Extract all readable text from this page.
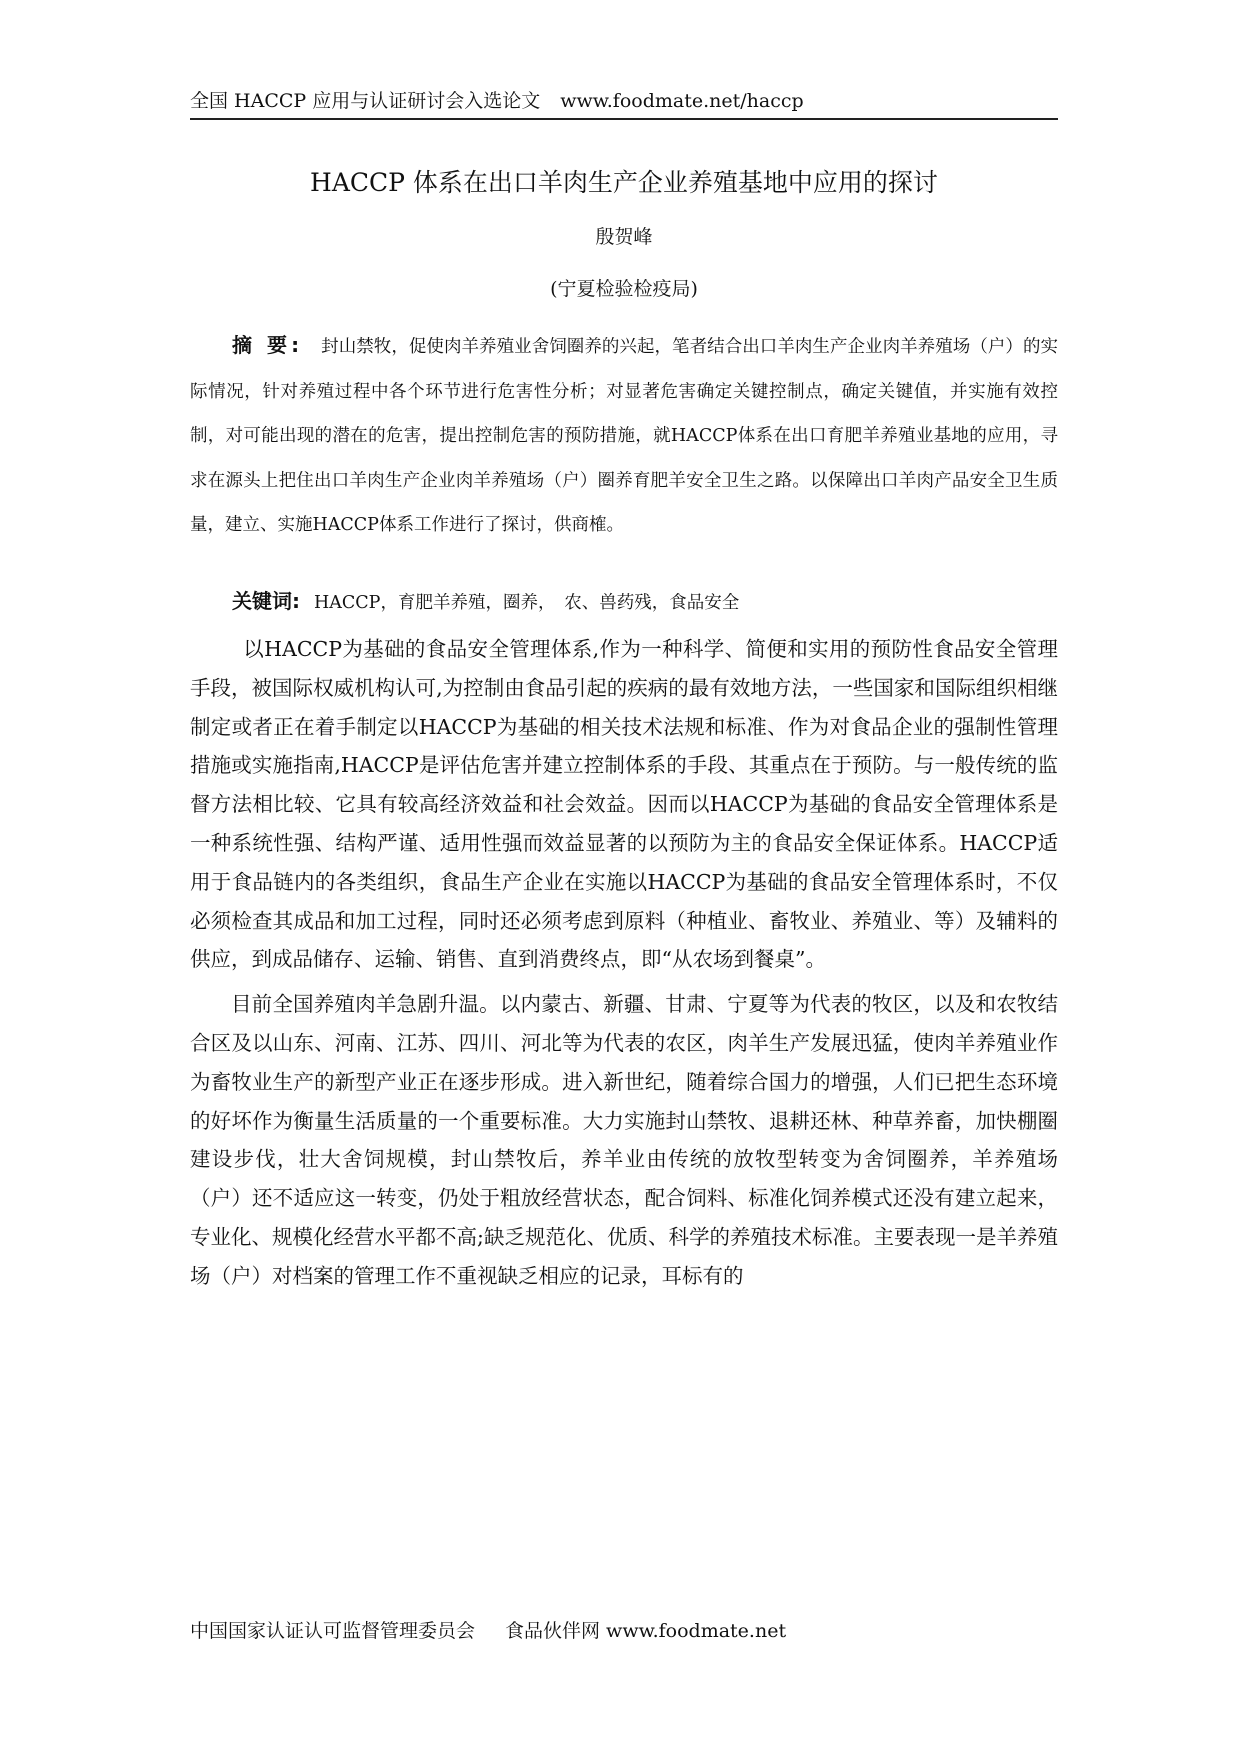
全国 HACCP 应用与认证研讨会入选论文 www.foodmate.net/haccp
HACCP 体系在出口羊肉生产企业养殖基地中应用的探讨
殷贺峰
(宁夏检验检疫局)
摘 要: 封山禁牧，促使肉羊养殖业舍饲圈养的兴起，笔者结合出口羊肉生产企业肉羊养殖场（户）的实际情况，针对养殖过程中各个环节进行危害性分析；对显著危害确定关键控制点，确定关键值，并实施有效控制，对可能出现的潜在的危害，提出控制危害的预防措施，就HACCP体系在出口育肥羊养殖业基地的应用，寻求在源头上把住出口羊肉生产企业肉羊养殖场（户）圈养育肥羊安全卫生之路。以保障出口羊肉产品安全卫生质量，建立、实施HACCP体系工作进行了探讨，供商榷。
关键词: HACCP，育肥羊养殖，圈养，　农、兽药残，食品安全

以HACCP为基础的食品安全管理体系,作为一种科学、简便和实用的预防性食品安全管理手段，被国际权威机构认可,为控制由食品引起的疾病的最有效地方法，一些国家和国际组织相继制定或者正在着手制定以HACCP为基础的相关技术法规和标准、作为对食品企业的强制性管理措施或实施指南,HACCP是评估危害并建立控制体系的手段、其重点在于预防。与一般传统的监督方法相比较、它具有较高经济效益和社会效益。因而以HACCP为基础的食品安全管理体系是一种系统性强、结构严谨、适用性强而效益显著的以预防为主的食品安全保证体系。HACCP适用于食品链内的各类组织，食品生产企业在实施以HACCP为基础的食品安全管理体系时，不仅必须检查其成品和加工过程，同时还必须考虑到原料（种植业、畜牧业、养殖业、等）及辅料的供应，到成品储存、运输、销售、直到消费终点，即“从农场到餐桌”。

目前全国养殖肉羊急剧升温。以内蒙古、新疆、甘肃、宁夏等为代表的牧区，以及和农牧结合区及以山东、河南、江苏、四川、河北等为代表的农区，肉羊生产发展迅猛，使肉羊养殖业作为畜牧业生产的新型产业正在逐步形成。进入新世纪，随着综合国力的增强，人们已把生态环境的好坏作为衡量生活质量的一个重要标准。大力实施封山禁牧、退耕还林、种草养畜，加快棚圈建设步伐，壮大舍饲规模，封山禁牧后，养羊业由传统的放牧型转变为舍饲圈养，羊养殖场（户）还不适应这一转变，仍处于粗放经营状态，配合饲料、标准化饲养模式还没有建立起来，专业化、规模化经营水平都不高;缺乏规范化、优质、科学的养殖技术标准。主要表现一是羊养殖场（户）对档案的管理工作不重视缺乏相应的记录，耳标有的

中国国家认证认可监督管理委员会 食品伙伴网 www.foodmate.net
